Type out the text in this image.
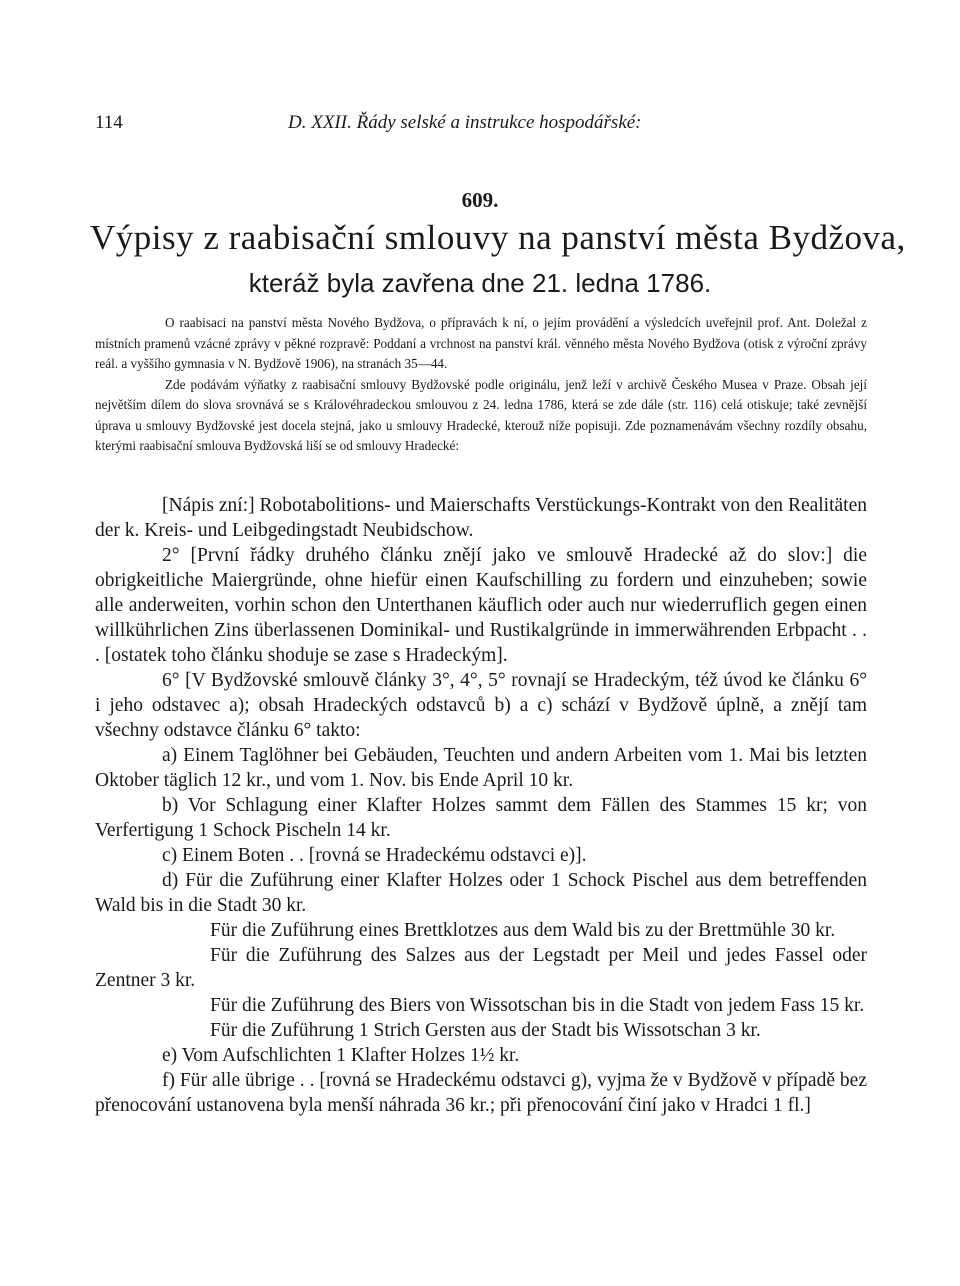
114	D. XXII. Řády selské a instrukce hospodářské:
609.
Výpisy z raabisační smlouvy na panství města Bydžova,
kteráž byla zavřena dne 21. ledna 1786.

O raabisaci na panství města Nového Bydžova, o přípravách k ní, o jejím provádění a výsledcích uveřejnil prof. Ant. Doležal z místních pramenů vzácné zprávy v pěkné rozpravě: Poddaní a vrchnost na panství král. věnného města Nového Bydžova (otisk z výroční zprávy reál. a vyššího gymnasia v N. Bydžově 1906), na stranách 35—44.

Zde podávám výňatky z raabisační smlouvy Bydžovské podle originálu, jenž leží v archivě Českého Musea v Praze. Obsah její největším dílem do slova srovnává se s Královéhradeckou smlouvou z 24. ledna 1786, která se zde dále (str. 116) celá otiskuje; také zevnější úprava u smlouvy Bydžovské jest docela stejná, jako u smlouvy Hradecké, kterouž níže popisuji. Zde poznamenávám všechny rozdíly obsahu, kterými raabisační smlouva Bydžovská liší se od smlouvy Hradecké:

[Nápis zní:] Robotabolitions- und Maierschafts Verstückungs-Kontrakt von den Realitäten der k. Kreis- und Leibgedingstadt Neubidschow.

2° [První řádky druhého článku znějí jako ve smlouvě Hradecké až do slov:] die obrigkeitliche Maiergründe, ohne hiefür einen Kaufschilling zu fordern und einzuheben; sowie alle anderweiten, vorhin schon den Unterthanen käuflich oder auch nur wiederruflich gegen einen willkührlichen Zins überlassenen Dominikal- und Rustikalgründe in immerwährenden Erbpacht . . . [ostatek toho článku shoduje se zase s Hradeckým].

6° [V Bydžovské smlouvě články 3°, 4°, 5° rovnají se Hradeckým, též úvod ke článku 6° i jeho odstavec a); obsah Hradeckých odstavců b) a c) schází v Bydžově úplně, a znějí tam všechny odstavce článku 6° takto:

a) Einem Taglöhner bei Gebäuden, Teuchten und andern Arbeiten vom 1. Mai bis letzten Oktober täglich 12 kr., und vom 1. Nov. bis Ende April 10 kr.

b) Vor Schlagung einer Klafter Holzes sammt dem Fällen des Stammes 15 kr; von Verfertigung 1 Schock Pischeln 14 kr.

c) Einem Boten . . [rovná se Hradeckému odstavci e)].

d) Für die Zuführung einer Klafter Holzes oder 1 Schock Pischel aus dem betreffenden Wald bis in die Stadt 30 kr.

Für die Zuführung eines Brettklotzes aus dem Wald bis zu der Brettmühle 30 kr.

Für die Zuführung des Salzes aus der Legstadt per Meil und jedes Fassel oder Zentner 3 kr.

Für die Zuführung des Biers von Wissotschan bis in die Stadt von jedem Fass 15 kr.

Für die Zuführung 1 Strich Gersten aus der Stadt bis Wissotschan 3 kr.

e) Vom Aufschlichten 1 Klafter Holzes 1½ kr.

f) Für alle übrige . . [rovná se Hradeckému odstavci g), vyjma že v Bydžově v případě bez přenocování ustanovena byla menší náhrada 36 kr.; při přenocování činí jako v Hradci 1 fl.]
